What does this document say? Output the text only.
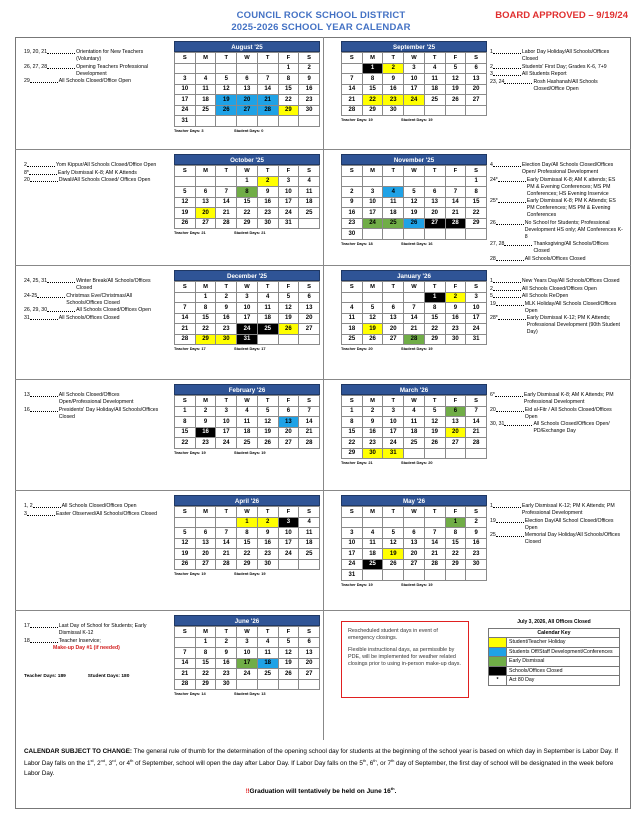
COUNCIL ROCK SCHOOL DISTRICT
2025-2026 SCHOOL YEAR CALENDAR
BOARD APPROVED – 9/19/24
19, 20, 21	Orientation for New Teachers (Voluntary)
26, 27, 28	Opening Teachers Professional Development
29	All Schools Closed/Office Open
August '25
S	M	T	W	T	F	S
					1	2
3	4	5	6	7	8	9
10	11	12	13	14	15	16
17	18	19	20	21	22	23
24	25	26	27	28	29	30
31						
Teacher Days: 3	Student Days: 0
1	Labor Day Holiday/All Schools/Offices Closed
2	Students' First Day; Grades K-6, 7+9
3	All Students Report
23, 24	Rosh Hashanah/All Schools Closed/Office Open
September '25
S	M	T	W	T	F	S
	1	2	3	4	5	6
7	8	9	10	11	12	13
14	15	16	17	18	19	20
21	22	23	24	25	26	27
28	29	30				
Teacher Days: 19	Student Days: 19
2	Yom Kippur/All Schools Closed/Office Open
8*	Early Dismissal K-8; AM K Attends
20	Diwali/All Schools Closed/ Offices Open
October '25
S	M	T	W	T	F	S
			1	2	3	4
5	6	7	8	9	10	11
12	13	14	15	16	17	18
19	20	21	22	23	24	25
26	27	28	29	30	31	
Teacher Days: 21	Student Days: 21
4	Election Day/All Schools Closed/Offices Open/ Professional Development
24*	Early Dismissal K-8; AM K attends; ES PM & Evening Conferences; MS PM Conferences; HS Evening Inservice
25*	Early Dismissal K-8; PM K Attends; ES PM Conferences; MS PM & Evening Conferences
26	No School for Students; Professional Development HS only; AM Conferences K-8
27, 28	Thanksgiving/All Schools/Offices Closed
28	All Schools/Offices Closed
November '25
S	M	T	W	T	F	S
						1
2	3	4	5	6	7	8
9	10	11	12	13	14	15
16	17	18	19	20	21	22
23	24	25	26	27	28	29
30						
Teacher Days: 18	Student Days: 16
24, 25, 31	Winter Break/All Schools/Offices Closed
24-25	Christmas Eve/Christmas/All Schools/Offices Closed
26, 29, 30	All Schools Closed/Offices Open
31	All Schools/Offices Closed
December '25
S	M	T	W	T	F	S
	1	2	3	4	5	6
7	8	9	10	11	12	13
14	15	16	17	18	19	20
21	22	23	24	25	26	27
28	29	30	31			
Teacher Days: 17	Student Days: 17
1	New Years Day/All Schools/Offices Closed
2	All Schools Closed/Offices Open
5	All Schools ReOpen
19	MLK Holiday/All Schools Closed/Offices Open
28*	Early Dismissal K-12; PM K Attends; Professional Development (90th Student Day)
January '26
S	M	T	W	T	F	S
				1	2	3
4	5	6	7	8	9	10
11	12	13	14	15	16	17
18	19	20	21	22	23	24
25	26	27	28	29	30	31
Teacher Days: 20	Student Days: 19
13	All Schools Closed/Offices Open/Professional Development
16	Presidents' Day Holiday/All Schools/Offices Closed
February '26
S	M	T	W	T	F	S
1	2	3	4	5	6	7
8	9	10	11	12	13	14
15	16	17	18	19	20	21
22	23	24	25	26	27	28
Teacher Days: 19	Student Days: 19
6*	Early Dismissal K-8; AM K Attends; PM Professional Development
20	Eid al-Fitr / All Schools Closed/Offices Open
30, 31	All Schools Closed/Offices Open/ PD/Exchange Day
March '26
S	M	T	W	T	F	S
1	2	3	4	5	6	7
8	9	10	11	12	13	14
15	16	17	18	19	20	21
22	23	24	25	26	27	28
29	30	31				
Teacher Days: 21	Student Days: 20
1, 2	All Schools Closed/Offices Open
3	Easter Observed/All Schools/Offices Closed
April '26
S	M	T	W	T	F	S
			1	2	3	4
5	6	7	8	9	10	11
12	13	14	15	16	17	18
19	20	21	22	23	24	25
26	27	28	29	30		
Teacher Days: 19	Student Days: 19
1	Early Dismissal K-12; PM K Attends; PM Professional Development
19	Election Day/All School Closed/Offices Open
25	Memorial Day Holiday/All Schools/Offices Closed
May '26
S	M	T	W	T	F	S
					1	2
3	4	5	6	7	8	9
10	11	12	13	14	15	16
17	18	19	20	21	22	23
24	25	26	27	28	29	30
31						
Teacher Days: 19	Student Days: 19
17	Last Day of School for Students; Early Dismissal K-12
18	Teacher Inservice;
Make-up Day #1 (if needed)
June '26
S	M	T	W	T	F	S
	1	2	3	4	5	6
7	8	9	10	11	12	13
14	15	16	17	18	19	20
21	22	23	24	25	26	27
28	29	30				
Teacher Days: 14	Student Days: 13
Teacher Days: 189	Student Days: 180

Rescheduled student days in event of emergency closings.

Flexible instructional days, as permissible by PDE, will be implemented for weather related closings prior to using in-person make-up days.

July 3, 2026, All Offices Closed
Calendar Key	
	Student/Teacher Holiday
	Students Off/Staff Development/Conferences
	Early Dismissal
	Schools/Offices Closed
*	Act 80 Day
CALENDAR SUBJECT TO CHANGE: The general rule of thumb for the determination of the opening school day for students at the beginning of the school year is based on which day in September is Labor Day. If Labor Day falls on the 1st, 2nd, 3rd, or 4th of September, school will open the day after Labor Day. If Labor Day falls on the 5th, 6th, or 7th day of September, the first day of school will be designated in the week before Labor Day.
‼Graduation will tentatively be held on June 16th.
